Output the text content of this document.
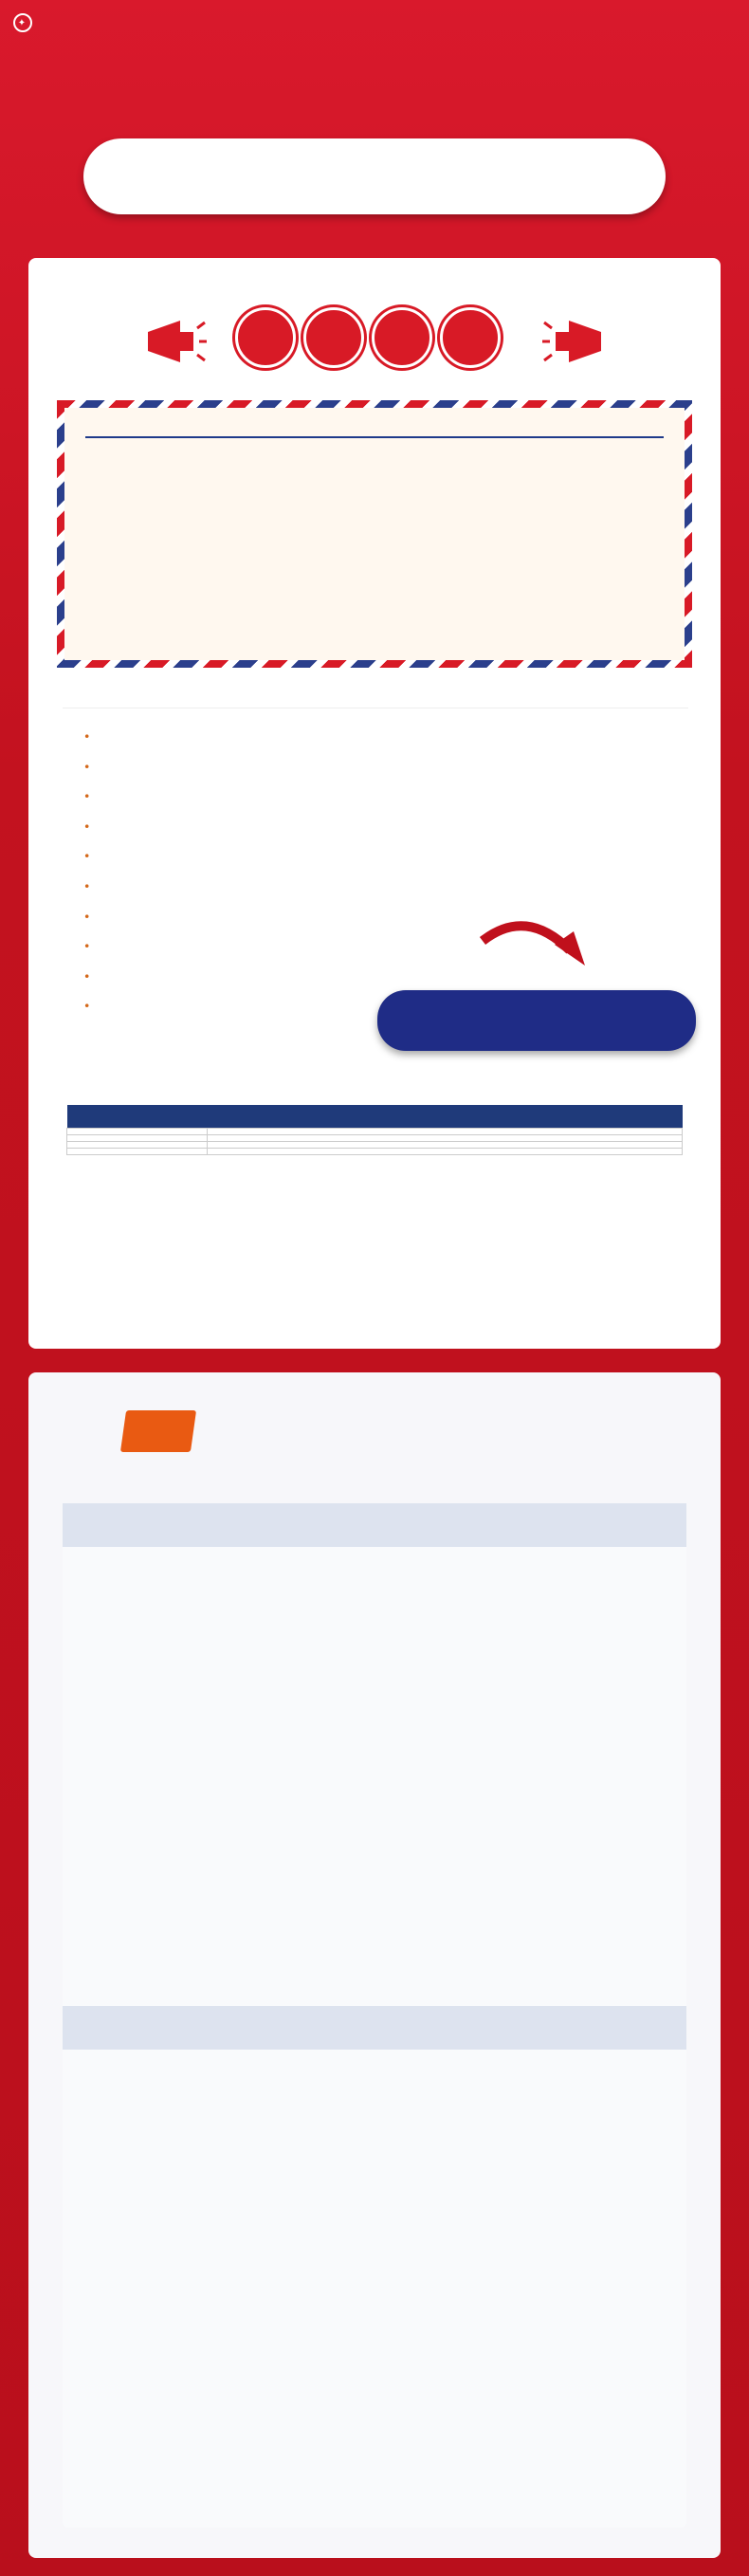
✦

•
•
•
•
•
•
•
•
•
•
